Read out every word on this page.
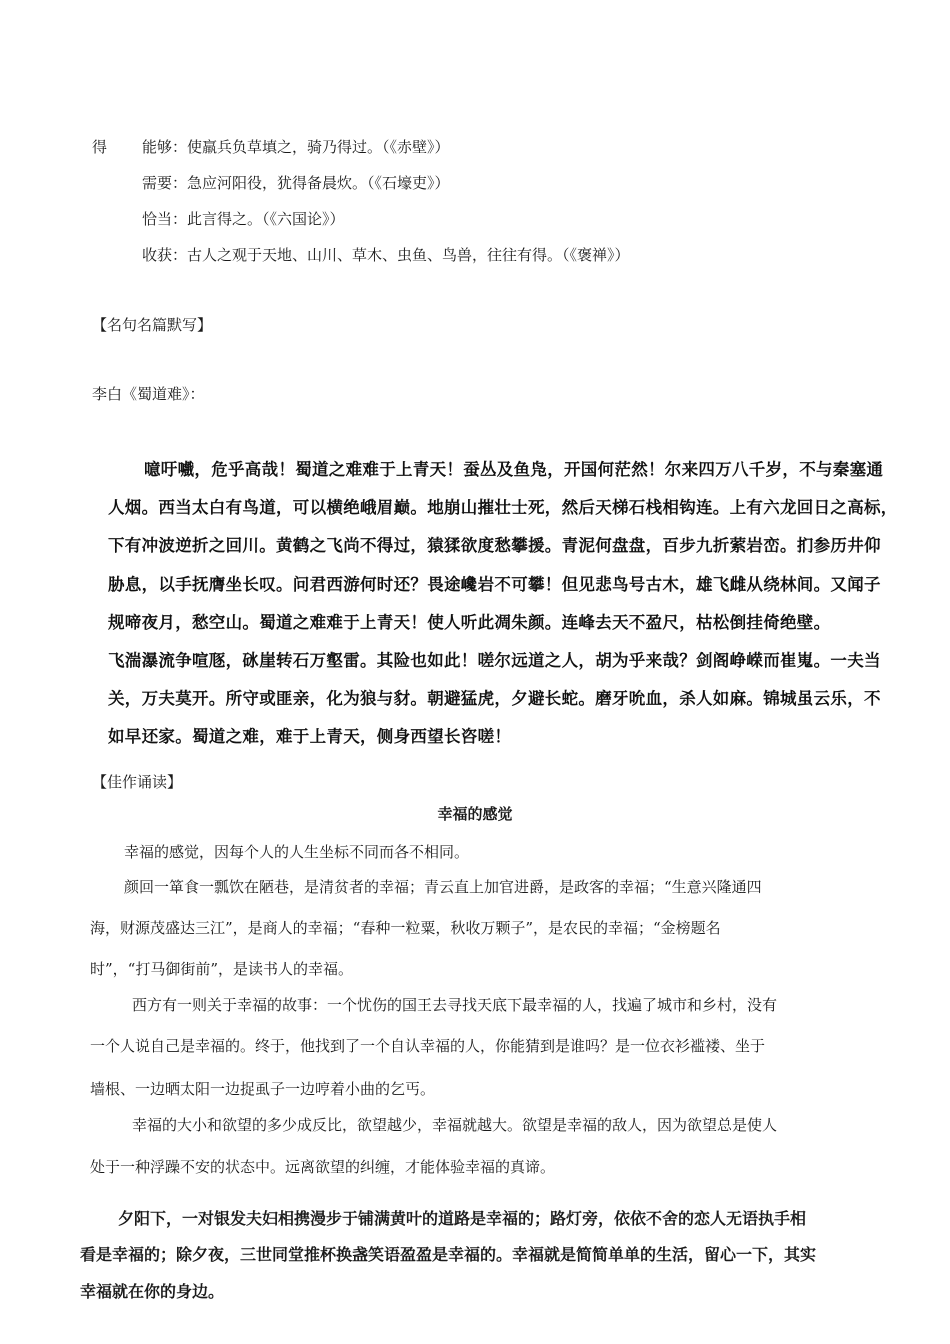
得 能够：使羸兵负草填之，骑乃得过。（《赤壁》）
需要：急应河阳役，犹得备晨炊。（《石壕吏》）
恰当：此言得之。（《六国论》）
收获：古人之观于天地、山川、草木、虫鱼、鸟兽，往往有得。（《褒禅》）
【名句名篇默写】
李白《蜀道难》：
噫吁嚱，危乎高哉！蜀道之难难于上青天！蚕丛及鱼凫，开国何茫然！尔来四万八千岁，不与秦塞通
人烟。西当太白有鸟道，可以横绝峨眉巅。地崩山摧壮士死，然后天梯石栈相钩连。上有六龙回日之高标，
下有冲波逆折之回川。黄鹤之飞尚不得过，猿猱欲度愁攀援。青泥何盘盘，百步九折萦岩峦。扪参历井仰
胁息，以手抚膺坐长叹。问君西游何时还？畏途巉岩不可攀！但见悲鸟号古木，雄飞雌从绕林间。又闻子
规啼夜月，愁空山。蜀道之难难于上青天！使人听此凋朱颜。连峰去天不盈尺，枯松倒挂倚绝壁。
飞湍瀑流争喧豗，砯崖转石万壑雷。其险也如此！嗟尔远道之人，胡为乎来哉？剑阁峥嵘而崔嵬。一夫当
关，万夫莫开。所守或匪亲，化为狼与豺。朝避猛虎，夕避长蛇。磨牙吮血，杀人如麻。锦城虽云乐，不
如早还家。蜀道之难，难于上青天，侧身西望长咨嗟！
【佳作诵读】
幸福的感觉
幸福的感觉，因每个人的人生坐标不同而各不相同。
颜回一箪食一瓢饮在陋巷，是清贫者的幸福；青云直上加官进爵，是政客的幸福；“生意兴隆通四
海，财源茂盛达三江”，是商人的幸福；“春种一粒粟，秋收万颗子”，是农民的幸福；“金榜题名
时”，“打马御街前”，是读书人的幸福。
西方有一则关于幸福的故事：一个忧伤的国王去寻找天底下最幸福的人，找遍了城市和乡村，没有
一个人说自己是幸福的。终于，他找到了一个自认幸福的人，你能猜到是谁吗？是一位衣衫褴褛、坐于
墙根、一边晒太阳一边捉虱子一边哼着小曲的乞丐。
幸福的大小和欲望的多少成反比，欲望越少，幸福就越大。欲望是幸福的敌人，因为欲望总是使人
处于一种浮躁不安的状态中。远离欲望的纠缠，才能体验幸福的真谛。
夕阳下，一对银发夫妇相携漫步于铺满黄叶的道路是幸福的；路灯旁，依依不舍的恋人无语执手相
看是幸福的；除夕夜，三世同堂推杯换盏笑语盈盈是幸福的。幸福就是简简单单的生活，留心一下，其实
幸福就在你的身边。
